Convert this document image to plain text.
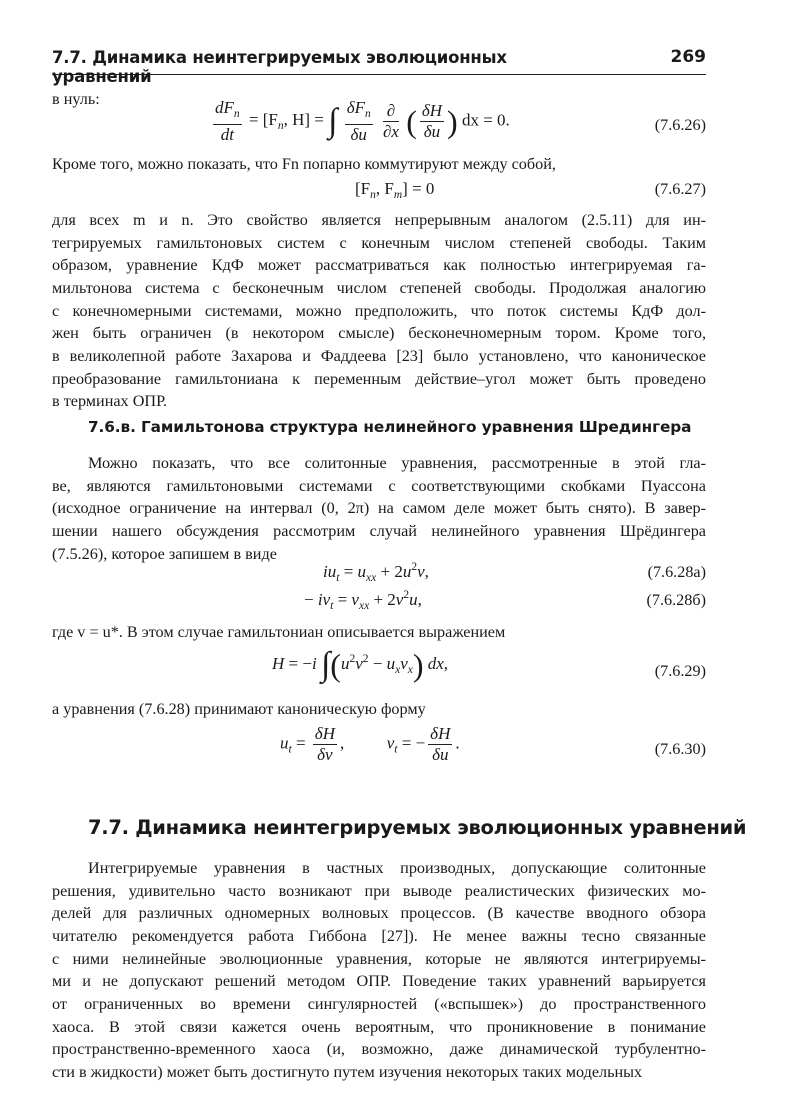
7.7. Динамика неинтегрируемых эволюционных уравнений
269
в нуль:	$\frac{dF_n}{dt} = [F_n$, H] = ∫ $\frac{\delta F_n}{\delta u}$
$\frac{\partial}{\partial x}$ ( $\frac{\delta H}{\delta u}$ ) dx = 0.	(7.6.26)
Кроме того, можно показать, что Fn попарно коммутируют между собой,
[$F_n$, $F_m] = 0$	(7.6.27)
для всех m и n. Это свойство является непрерывным аналогом (2.5.11) для ин-
тегрируемых гамильтоновых систем с конечным числом степеней свободы. Таким
образом, уравнение КдФ может рассматриваться как полностью интегрируемая га-
мильтонова система с бесконечным числом степеней свободы. Продолжая аналогию
с конечномерными системами, можно предположить, что поток системы КдФ дол-
жен быть ограничен (в некотором смысле) бесконечномерным тором. Кроме того,
в великолепной работе Захарова и Фаддеева [23] было установлено, что каноническое
преобразование гамильтониана к переменным действие–угол может быть проведено
в терминах ОПР.
7.6.в. Гамильтонова структура нелинейного уравнения Шредингера
Можно показать, что все солитонные уравнения, рассмотренные в этой гла-
ве, являются гамильтоновыми системами с соответствующими скобками Пуассона
(исходное ограничение на интервал (0, 2π) на самом деле может быть снято). В завер-
шении нашего обсуждения рассмотрим случай нелинейного уравнения Шрёдингера
(7.5.26), которое запишем в виде
$iu_t = u_{xx} + 2u^2v$,	(7.6.28a)
− $iv_t = v_{xx} + 2v^2u$,	(7.6.28б)
где v = u*. В этом случае гамильтониан описывается выражением
H = −i $\int(u^2v^2 - u_xv_x)$ dx,	(7.6.29)
а уравнения (7.6.28) принимают каноническую форму
$u_t = \frac{\delta H}{\delta v}$ ,  $v_t$ = − $\frac{\delta H}{\delta u}$ .	(7.6.30)
7.7. Динамика неинтегрируемых эволюционных уравнений
Интегрируемые уравнения в частных производных, допускающие солитонные
решения, удивительно часто возникают при выводе реалистических физических мо-
делей для различных одномерных волновых процессов. (В качестве вводного обзора
читателю рекомендуется работа Гиббона [27]). Не менее важны тесно связанные
с ними нелинейные эволюционные уравнения, которые не являются интегрируемы-
ми и не допускают решений методом ОПР. Поведение таких уравнений варьируется
от ограниченных во времени сингулярностей («вспышек») до пространственного
хаоса. В этой связи кажется очень вероятным, что проникновение в понимание
пространственно-временного хаоса (и, возможно, даже динамической турбулентно-
сти в жидкости) может быть достигнуто путем изучения некоторых таких модельных
